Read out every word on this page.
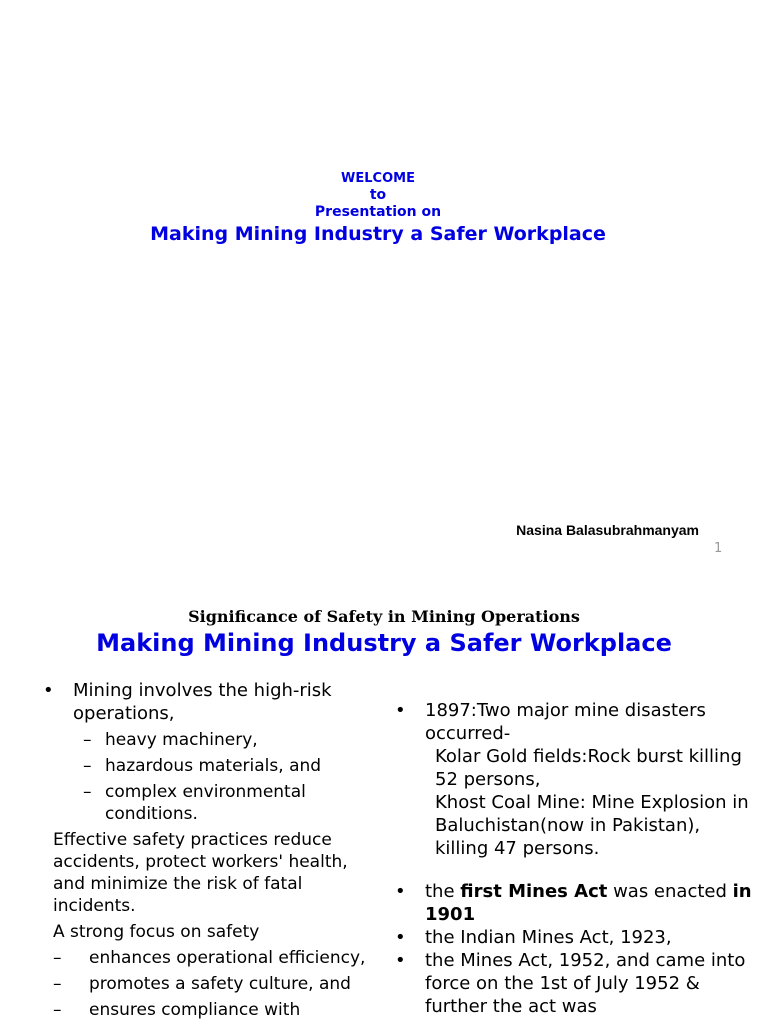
WELCOME
to
Presentation on
Making Mining Industry a Safer Workplace
Nasina Balasubrahmanyam
1
Significance of Safety in Mining Operations
Making Mining Industry a Safer Workplace
• Mining involves the high-risk operations,
– heavy machinery,
– hazardous materials, and
– complex environmental conditions.
Effective safety practices reduce accidents, protect workers' health, and minimize the risk of fatal incidents.
A strong focus on safety
– enhances operational efficiency,
– promotes a safety culture, and
– ensures compliance with
• 1897:Two major mine disasters occurred-
Kolar Gold fields:Rock burst killing 52 persons,
Khost Coal Mine: Mine Explosion in Baluchistan(now in Pakistan), killing 47 persons.
• the first Mines Act was enacted in 1901
• the Indian Mines Act, 1923,
• the Mines Act, 1952, and came into force on the 1st of July 1952 & further the act was
